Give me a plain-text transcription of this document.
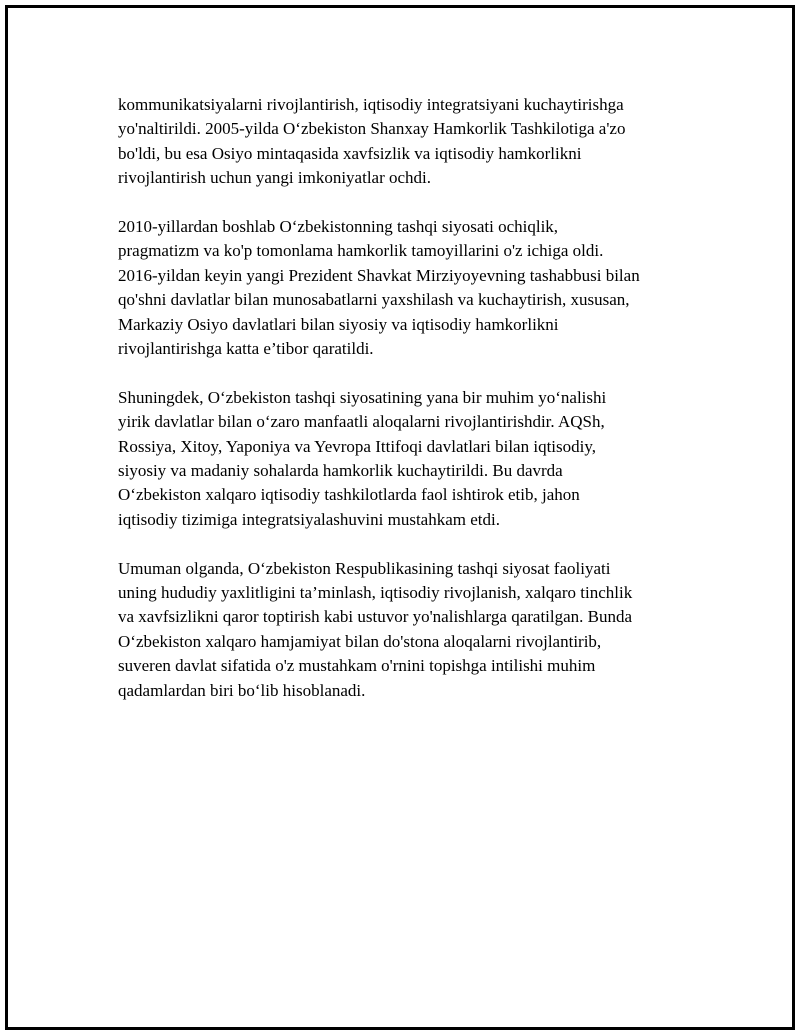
kommunikatsiyalarni rivojlantirish, iqtisodiy integratsiyani kuchaytirishga
yo'naltirildi. 2005-yilda O‘zbekiston Shanxay Hamkorlik Tashkilotiga a'zo
bo'ldi, bu esa Osiyo mintaqasida xavfsizlik va iqtisodiy hamkorlikni
rivojlantirish uchun yangi imkoniyatlar ochdi.
2010-yillardan boshlab O‘zbekistonning tashqi siyosati ochiqlik,
pragmatizm va ko'p tomonlama hamkorlik tamoyillarini o'z ichiga oldi.
2016-yildan keyin yangi Prezident Shavkat Mirziyoyevning tashabbusi bilan
qo'shni davlatlar bilan munosabatlarni yaxshilash va kuchaytirish, xususan,
Markaziy Osiyo davlatlari bilan siyosiy va iqtisodiy hamkorlikni
rivojlantirishga katta e’tibor qaratildi.
Shuningdek, O‘zbekiston tashqi siyosatining yana bir muhim yo‘nalishi
yirik davlatlar bilan o‘zaro manfaatli aloqalarni rivojlantirishdir. AQSh,
Rossiya, Xitoy, Yaponiya va Yevropa Ittifoqi davlatlari bilan iqtisodiy,
siyosiy va madaniy sohalarda hamkorlik kuchaytirildi. Bu davrda
O‘zbekiston xalqaro iqtisodiy tashkilotlarda faol ishtirok etib, jahon
iqtisodiy tizimiga integratsiyalashuvini mustahkam etdi.
Umuman olganda, O‘zbekiston Respublikasining tashqi siyosat faoliyati
uning hududiy yaxlitligini ta’minlash, iqtisodiy rivojlanish, xalqaro tinchlik
va xavfsizlikni qaror toptirish kabi ustuvor yo'nalishlarga qaratilgan. Bunda
O‘zbekiston xalqaro hamjamiyat bilan do'stona aloqalarni rivojlantirib,
suveren davlat sifatida o'z mustahkam o'rnini topishga intilishi muhim
qadamlardan biri bo‘lib hisoblanadi.
